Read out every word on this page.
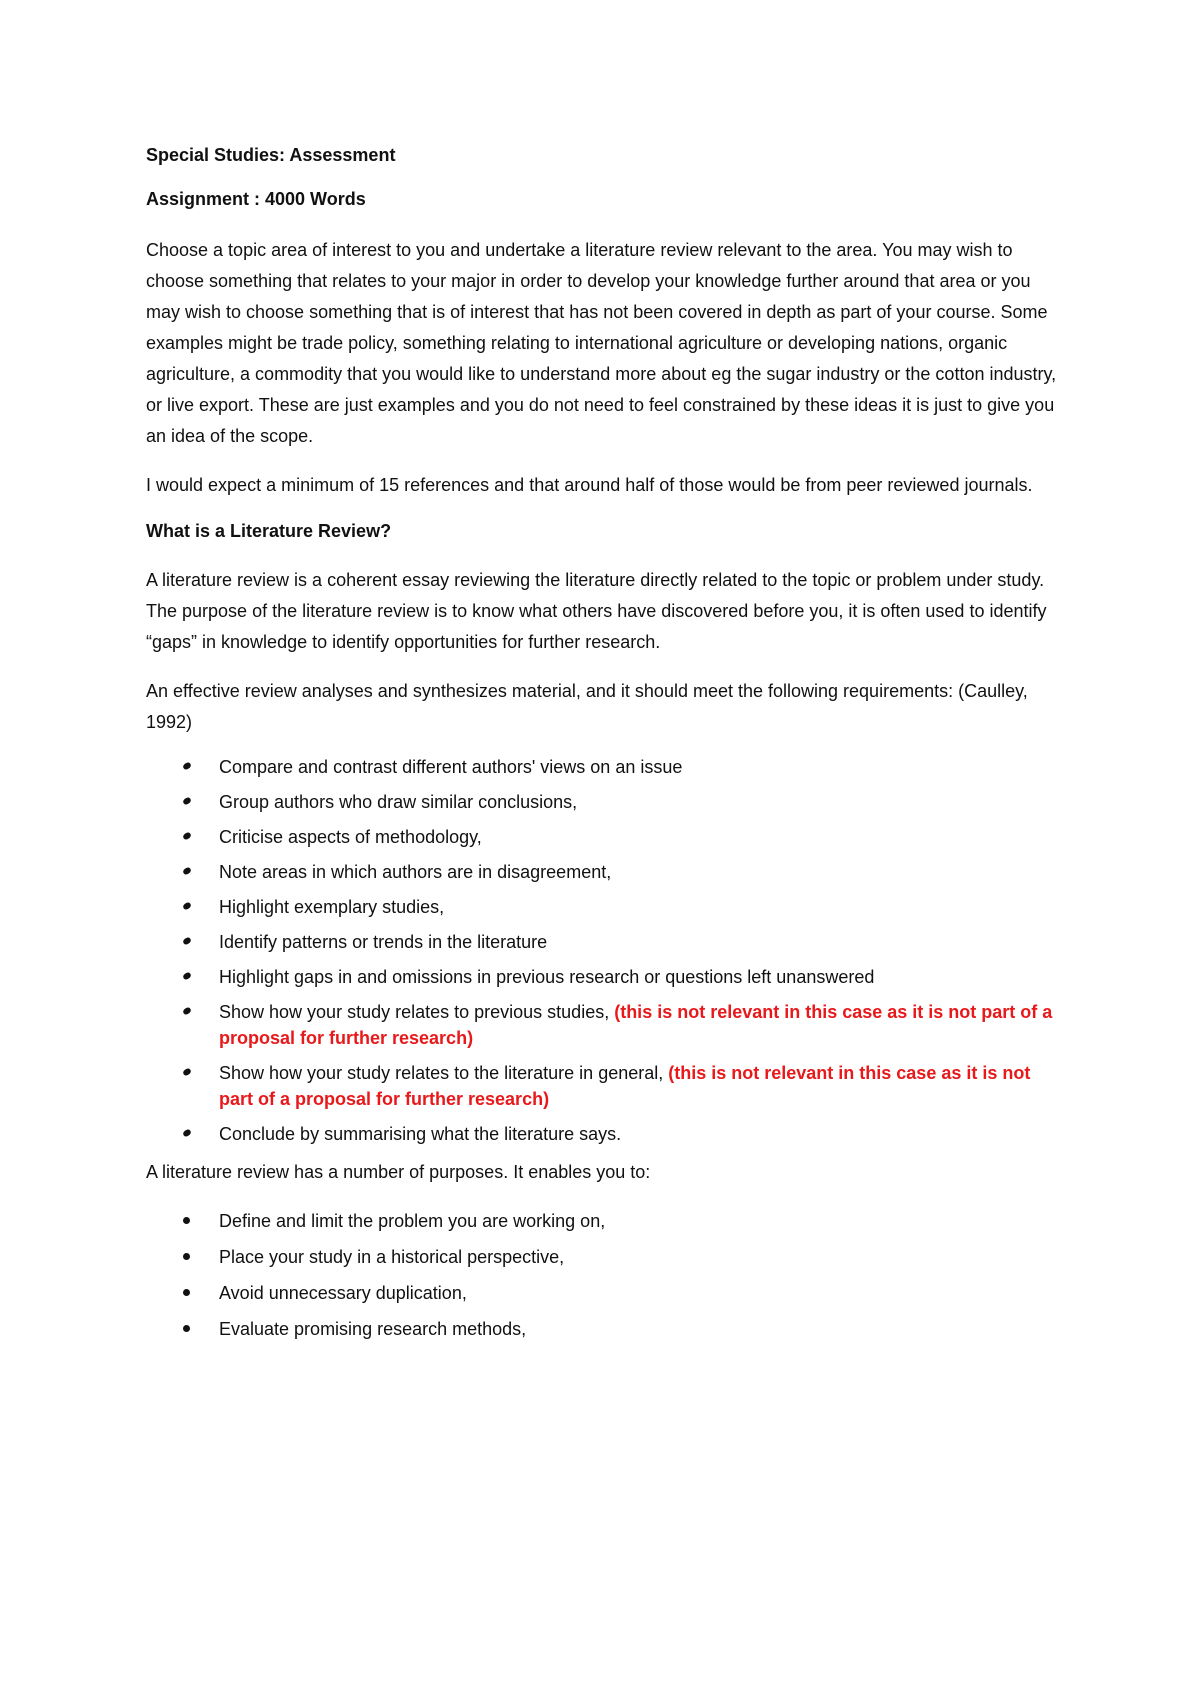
Special Studies: Assessment

Assignment : 4000 Words

Choose a topic area of interest to you and undertake a literature review relevant to the area. You may wish to choose something that relates to your major in order to develop your knowledge further around that area or you may wish to choose something that is of interest that has not been covered in depth as part of your course. Some examples might be trade policy, something relating to international agriculture or developing nations, organic agriculture, a commodity that you would like to understand more about eg the sugar industry or the cotton industry, or live export. These are just examples and you do not need to feel constrained by these ideas it is just to give you an idea of the scope.

I would expect a minimum of 15 references and that around half of those would be from peer reviewed journals.

What is a Literature Review?

A literature review is a coherent essay reviewing the literature directly related to the topic or problem under study. The purpose of the literature review is to know what others have discovered before you, it is often used to identify “gaps” in knowledge to identify opportunities for further research.

An effective review analyses and synthesizes material, and it should meet the following requirements: (Caulley, 1992)

Compare and contrast different authors' views on an issue
Group authors who draw similar conclusions,
Criticise aspects of methodology,
Note areas in which authors are in disagreement,
Highlight exemplary studies,
Identify patterns or trends in the literature
Highlight gaps in and omissions in previous research or questions left unanswered
Show how your study relates to previous studies, (this is not relevant in this case as it is not part of a proposal for further research)
Show how your study relates to the literature in general, (this is not relevant in this case as it is not part of a proposal for further research)
Conclude by summarising what the literature says.

A literature review has a number of purposes. It enables you to:

Define and limit the problem you are working on,
Place your study in a historical perspective,
Avoid unnecessary duplication,
Evaluate promising research methods,
